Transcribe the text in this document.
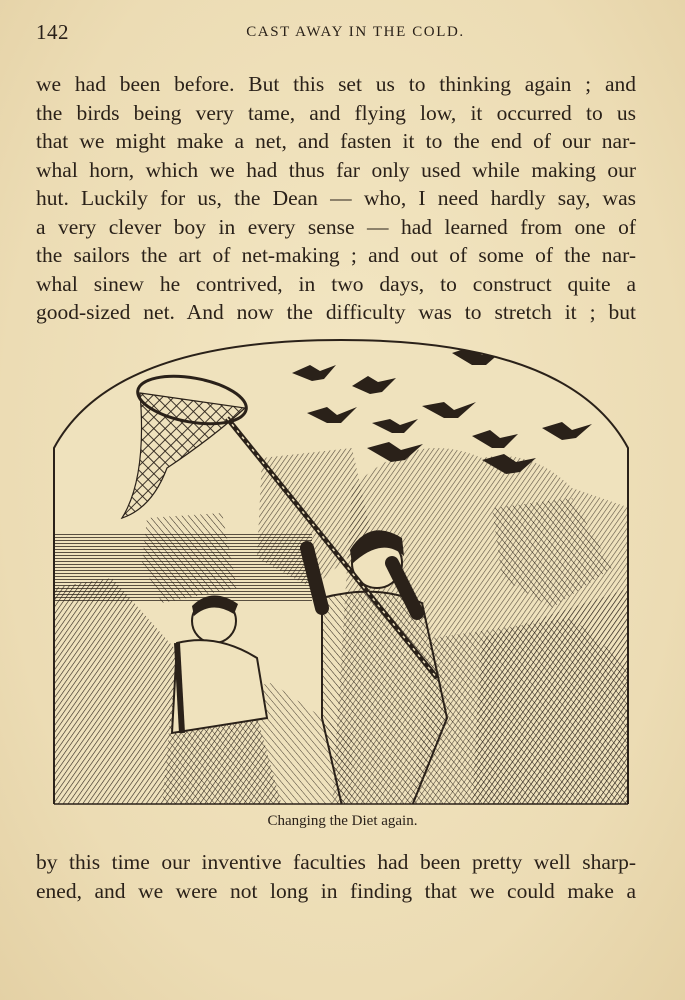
142	CAST AWAY IN THE COLD.

we had been before. But this set us to thinking again ; and
the birds being very tame, and flying low, it occurred to us
that we might make a net, and fasten it to the end of our nar-
whal horn, which we had thus far only used while making our
hut. Luckily for us, the Dean — who, I need hardly say, was
a very clever boy in every sense — had learned from one of
the sailors the art of net-making ; and out of some of the nar-
whal sinew he contrived, in two days, to construct quite a
good-sized net. And now the difficulty was to stretch it ; but

Changing the Diet again.

by this time our inventive faculties had been pretty well sharp-
ened, and we were not long in finding that we could make a
